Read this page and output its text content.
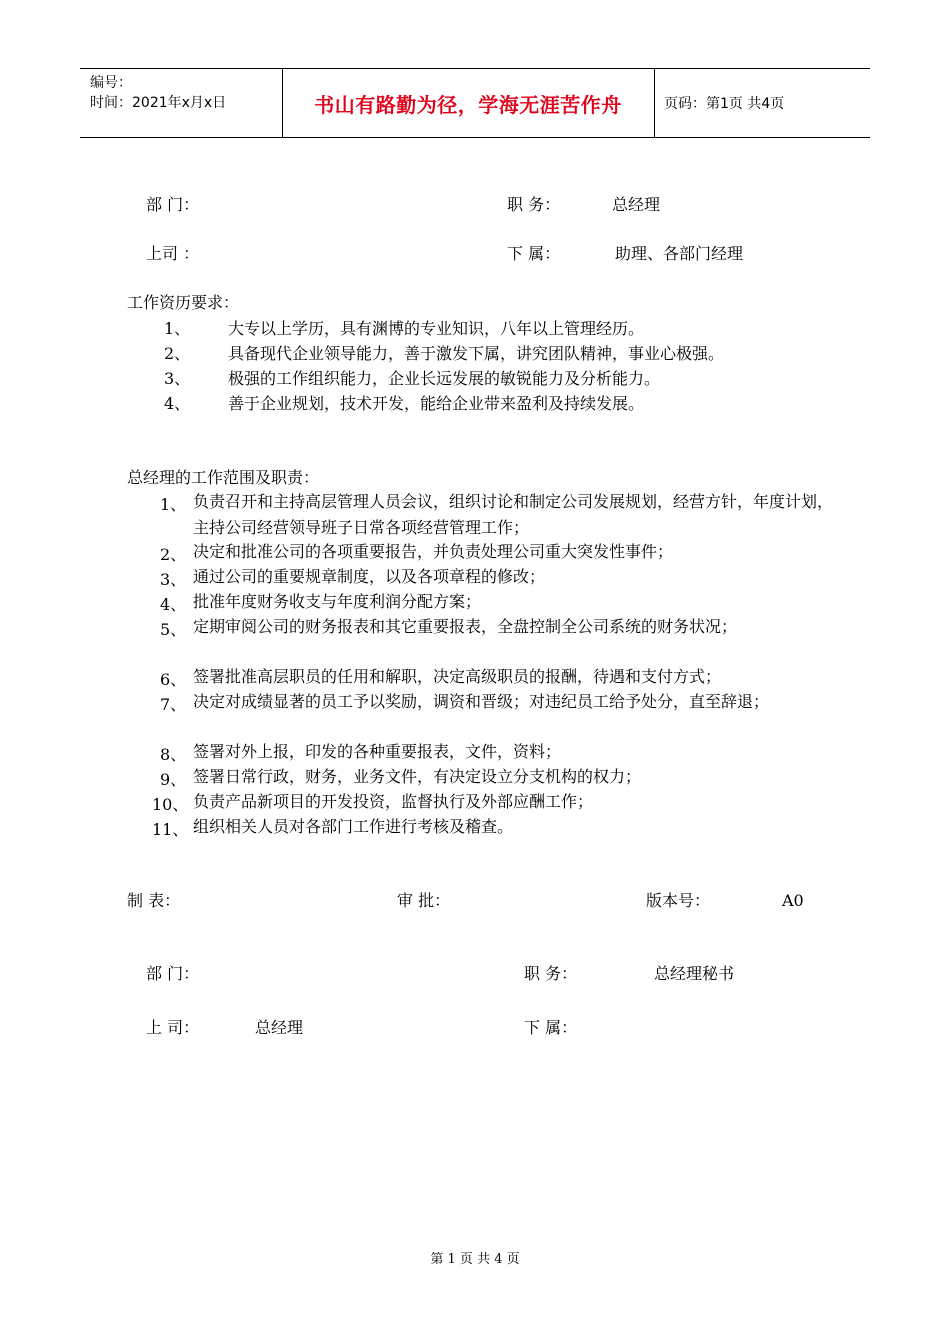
编号：
时间：2021年x月x日	书山有路勤为径，学海无涯苦作舟	页码：第1页 共4页
部 门：	职 务：	总经理
上司 ：	下 属：	助理、各部门经理
工作资历要求：
1、 大专以上学历，具有渊博的专业知识，八年以上管理经历。
2、 具备现代企业领导能力，善于激发下属，讲究团队精神，事业心极强。
3、 极强的工作组织能力，企业长远发展的敏锐能力及分析能力。
4、 善于企业规划，技术开发，能给企业带来盈利及持续发展。
总经理的工作范围及职责：
1、 负责召开和主持高层管理人员会议，组织讨论和制定公司发展规划，经营方针，年度计划，主持公司经营领导班子日常各项经营管理工作；
2、 决定和批准公司的各项重要报告，并负责处理公司重大突发性事件；
3、 通过公司的重要规章制度，以及各项章程的修改；
4、 批准年度财务收支与年度利润分配方案；
5、 定期审阅公司的财务报表和其它重要报表，全盘控制全公司系统的财务状况；
6、 签署批准高层职员的任用和解职，决定高级职员的报酬，待遇和支付方式；
7、 决定对成绩显著的员工予以奖励，调资和晋级；对违纪员工给予处分，直至辞退；
8、 签署对外上报，印发的各种重要报表，文件，资料；
9、 签署日常行政，财务，业务文件，有决定设立分支机构的权力；
10、 负责产品新项目的开发投资，监督执行及外部应酬工作；
11、 组织相关人员对各部门工作进行考核及稽查。
制 表：	审 批：	版本号：	A0
部 门：	职 务：	总经理秘书
上 司：	总经理	下 属：
第 1 页 共 4 页
